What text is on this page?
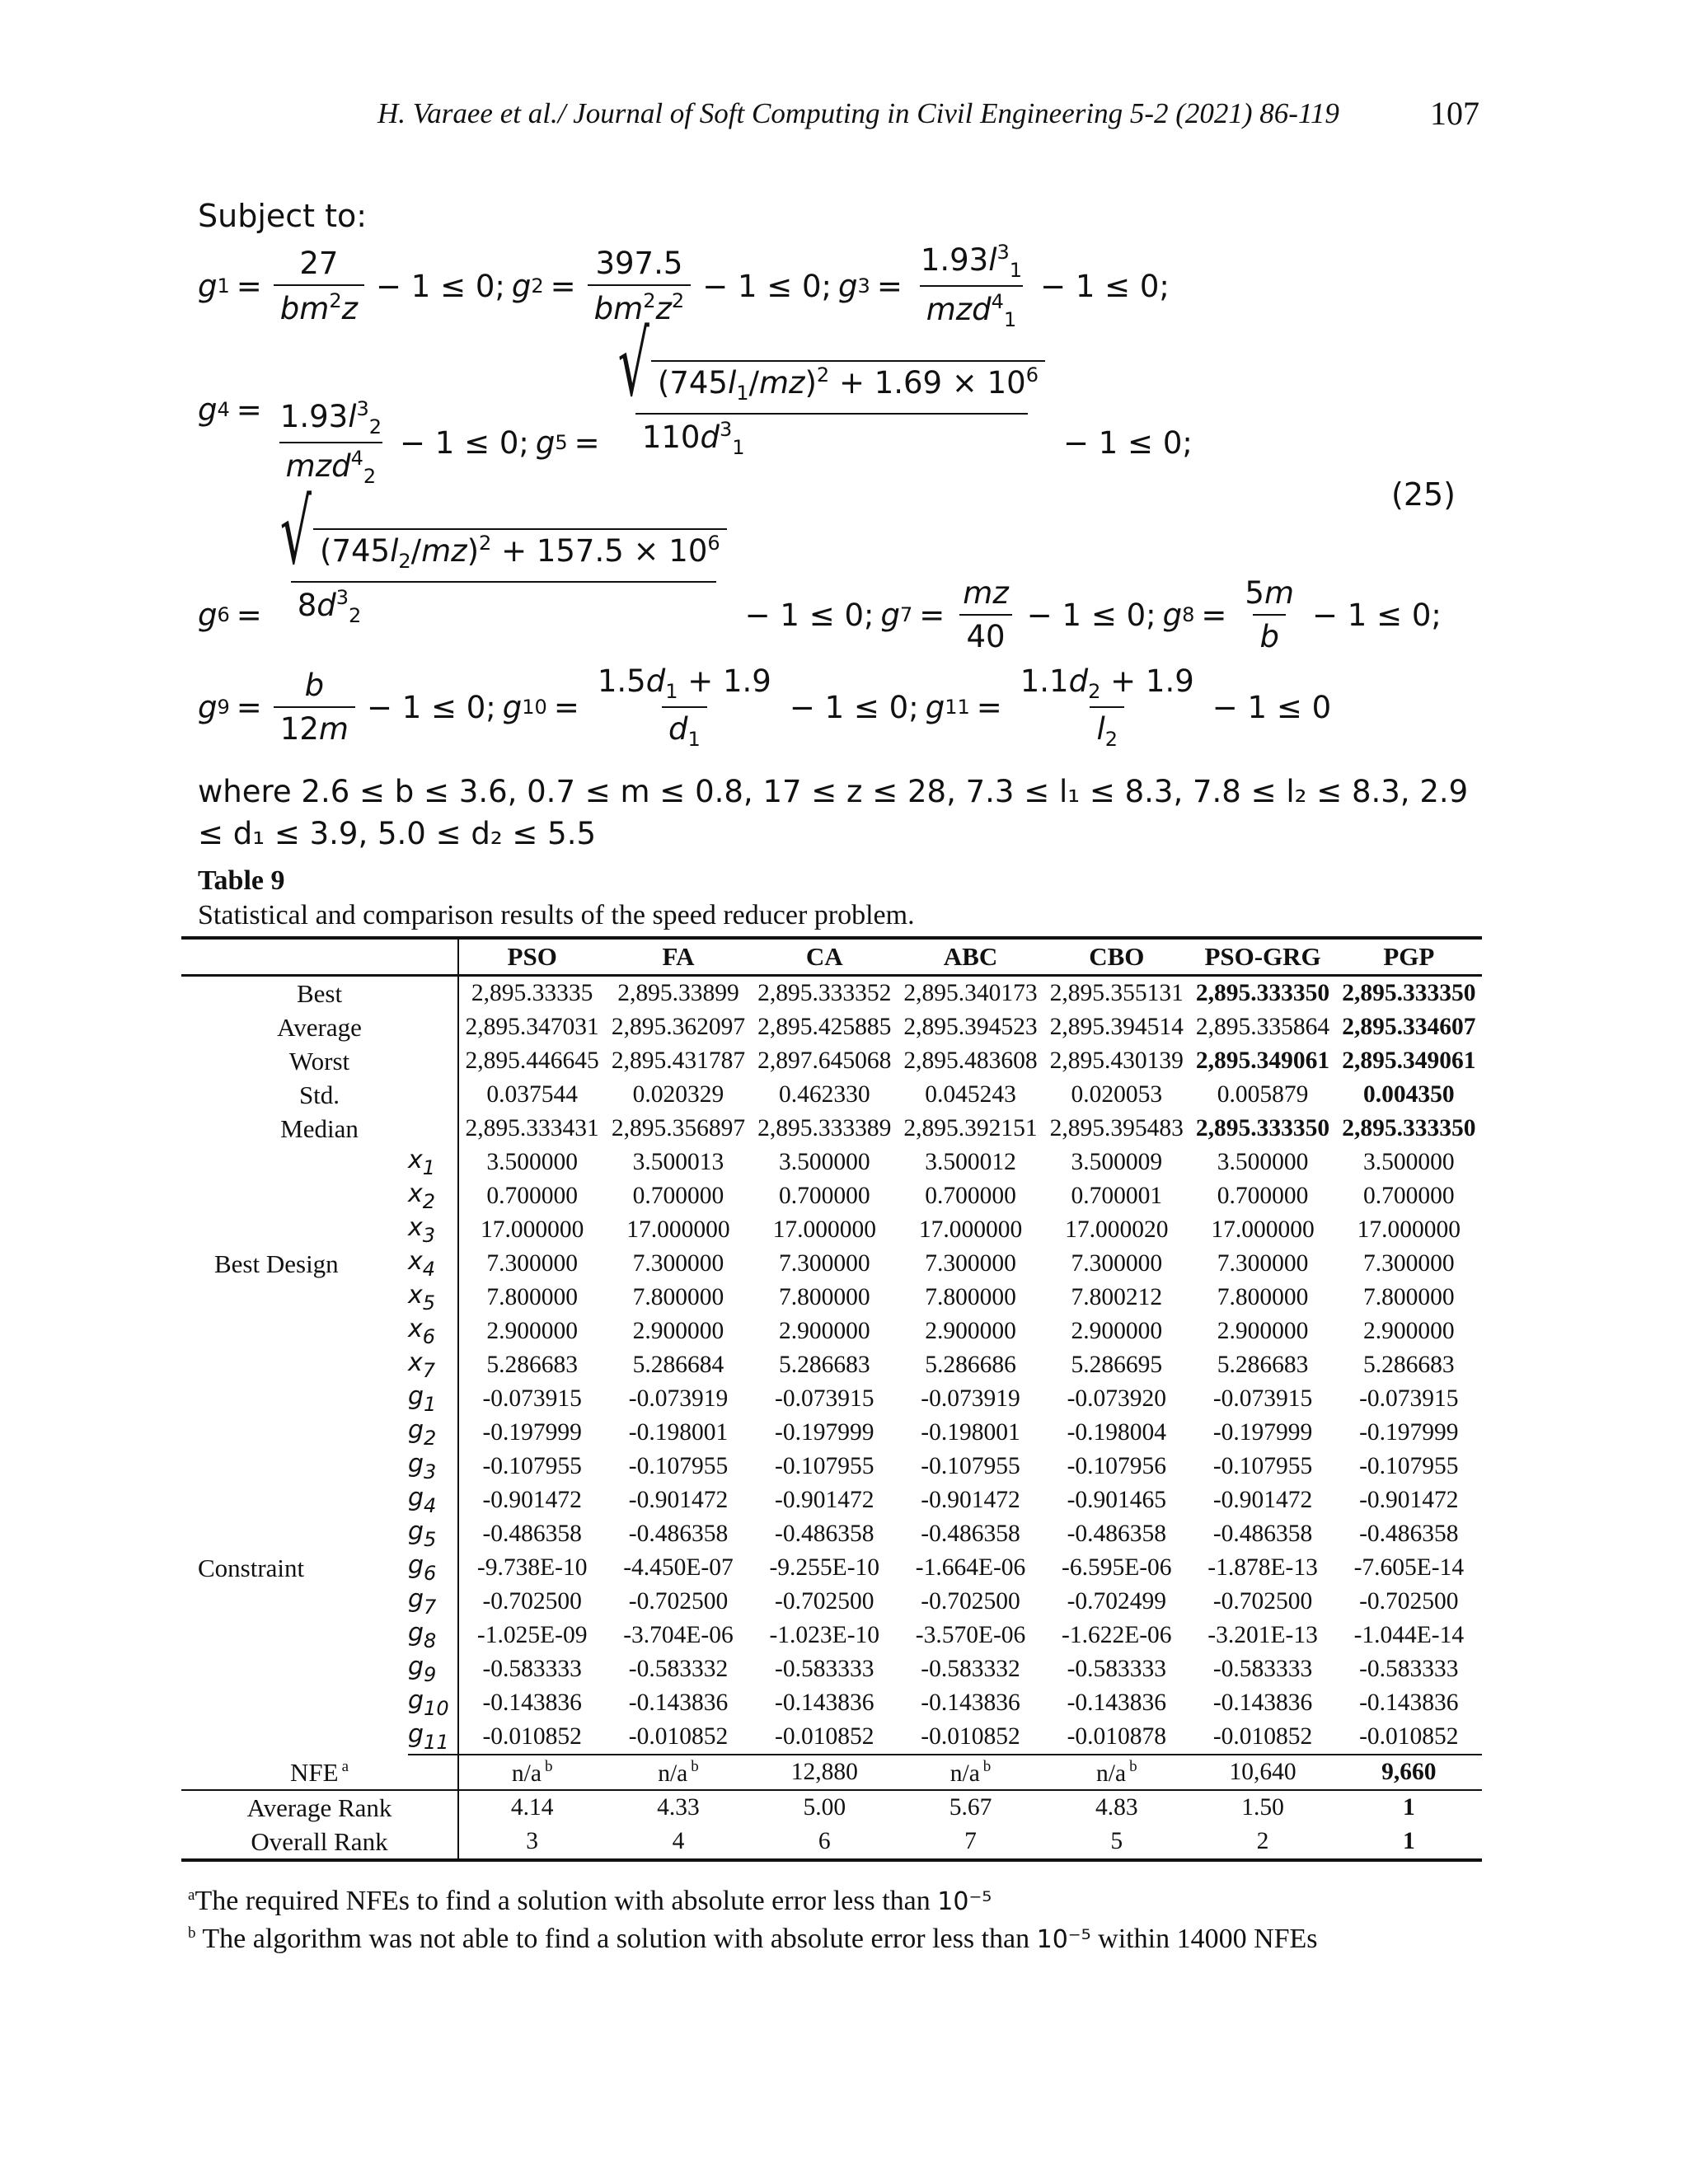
H. Varaee et al./ Journal of Soft Computing in Civil Engineering 5-2 (2021) 86-119	107
Subject to:
g $1 = \frac{27}{bm^2z} - 1 \le 0$; g $2 = \frac{397.5}{bm^2z^2} - 1 \le 0$; g $3 = \frac{1.93l^3_1}{mzd^4_1} - 1 \le 0$;
g $4 = \frac{1.93l^3_2}{mzd^4_2} - 1 \le 0$; g $5 = \frac{√ (745l_1/mz)^2 + 1.69 \times 10^6}{110d^3_1} - 1 \le 0$;
(25)
g $6 = \frac{√ (745l_2/mz)^2 + 157.5 \times 10^6}{8d^3_2} - 1 \le 0$; g $7 = \frac{mz}{40} - 1 \le 0$; g $8 = \frac{5m}{b} - 1 \le 0$;
g $9 = \frac{b}{12m} - 1 \le 0$; g $10 = \frac{1.5d_1 + 1.9}{d_1} - 1 \le 0$; g $11 = \frac{1.1d_2 + 1.9}{l_2} - 1 \le 0$
where 2.6 ≤ b ≤ 3.6, 0.7 ≤ m ≤ 0.8, 17 ≤ z ≤ 28, 7.3 ≤ l₁ ≤ 8.3, 7.8 ≤ l₂ ≤ 8.3, 2.9 ≤ d₁ ≤ 3.9, 5.0 ≤ d₂ ≤ 5.5
Table 9
Statistical and comparison results of the speed reducer problem.
		PSO	FA	CA	ABC	CBO	PSO-GRG	PGP
Best		2,895.33335	2,895.33899	2,895.333352	2,895.340173	2,895.355131	2,895.333350	2,895.333350
Average		2,895.347031	2,895.362097	2,895.425885	2,895.394523	2,895.394514	2,895.335864	2,895.334607
Worst		2,895.446645	2,895.431787	2,897.645068	2,895.483608	2,895.430139	2,895.349061	2,895.349061
Std.		0.037544	0.020329	0.462330	0.045243	0.020053	0.005879	0.004350
Median		2,895.333431	2,895.356897	2,895.333389	2,895.392151	2,895.395483	2,895.333350	2,895.333350
Best Design	$x_1$	3.500000	3.500013	3.500000	3.500012	3.500009	3.500000	3.500000
	$x_2$	0.700000	0.700000	0.700000	0.700000	0.700001	0.700000	0.700000
	$x_3$	17.000000	17.000000	17.000000	17.000000	17.000020	17.000000	17.000000
	$x_4$	7.300000	7.300000	7.300000	7.300000	7.300000	7.300000	7.300000
	$x_5$	7.800000	7.800000	7.800000	7.800000	7.800212	7.800000	7.800000
	$x_6$	2.900000	2.900000	2.900000	2.900000	2.900000	2.900000	2.900000
	$x_7$	5.286683	5.286684	5.286683	5.286686	5.286695	5.286683	5.286683
Constraint	$g_1$	-0.073915	-0.073919	-0.073915	-0.073919	-0.073920	-0.073915	-0.073915
	$g_2$	-0.197999	-0.198001	-0.197999	-0.198001	-0.198004	-0.197999	-0.197999
	$g_3$	-0.107955	-0.107955	-0.107955	-0.107955	-0.107956	-0.107955	-0.107955
	$g_4$	-0.901472	-0.901472	-0.901472	-0.901472	-0.901465	-0.901472	-0.901472
	$g_5$	-0.486358	-0.486358	-0.486358	-0.486358	-0.486358	-0.486358	-0.486358
	$g_6$	-9.738E-10	-4.450E-07	-9.255E-10	-1.664E-06	-6.595E-06	-1.878E-13	-7.605E-14
	$g_7$	-0.702500	-0.702500	-0.702500	-0.702500	-0.702499	-0.702500	-0.702500
	$g_8$	-1.025E-09	-3.704E-06	-1.023E-10	-3.570E-06	-1.622E-06	-3.201E-13	-1.044E-14
	$g_9$	-0.583333	-0.583332	-0.583333	-0.583332	-0.583333	-0.583333	-0.583333
	$g_{10}$	-0.143836	-0.143836	-0.143836	-0.143836	-0.143836	-0.143836	-0.143836
	$g_{11}$	-0.010852	-0.010852	-0.010852	-0.010852	-0.010878	-0.010852	-0.010852
NFE $^a$		n/a $^b$	n/a $^b$	12,880	n/a $^b$	n/a $^b$	10,640	9,660
Average Rank		4.14	4.33	5.00	5.67	4.83	1.50	1
Overall Rank		3	4	6	7	5	2	1
$^a$The required NFEs to find a solution with absolute error less than 10⁻⁵
$^b$ The algorithm was not able to find a solution with absolute error less than 10⁻⁵ within 14000 NFEs
